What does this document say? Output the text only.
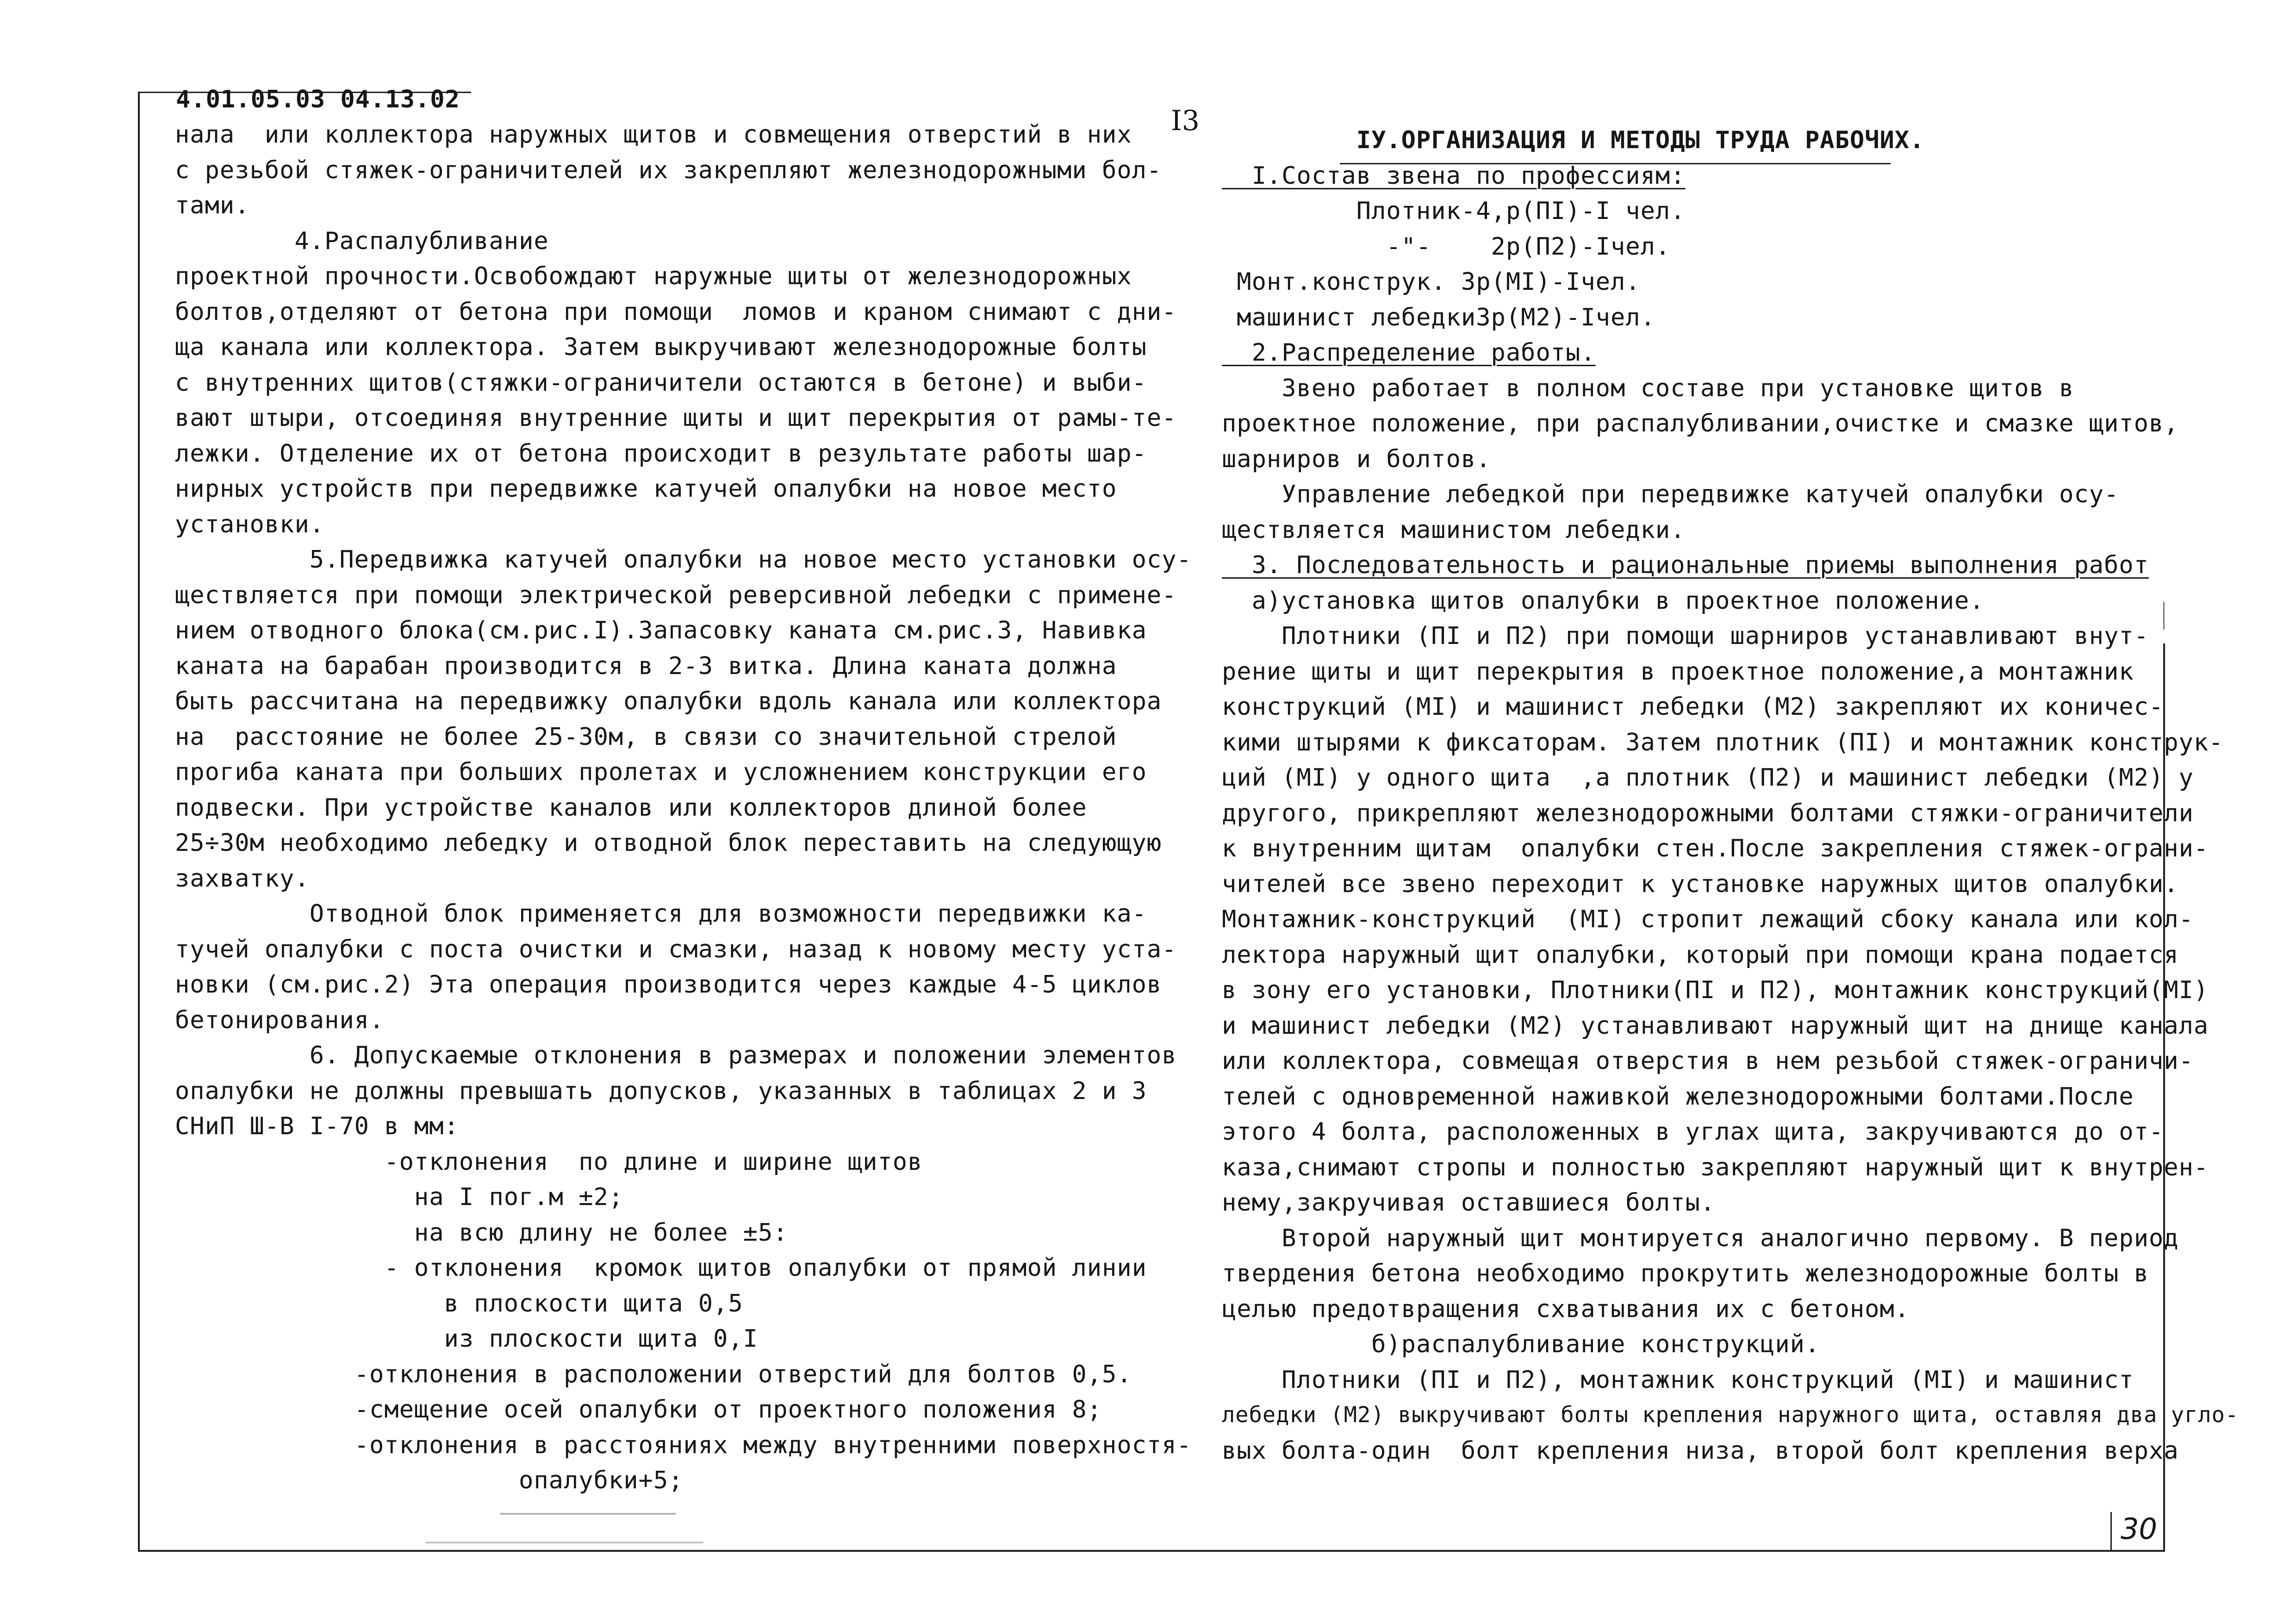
4.01.05.03 04.13.02
I3
30
нала  или коллектора наружных щитов и совмещения отверстий в них
с резьбой стяжек-ограничителей их закрепляют железнодорожными бол-
тами.
4.Распалубливание
проектной прочности.Освобождают наружные щиты от железнодорожных
болтов,отделяют от бетона при помощи  ломов и краном снимают с дни-
ща канала или коллектора. Затем выкручивают железнодорожные болты
с внутренних щитов(стяжки-ограничители остаются в бетоне) и выби-
вают штыри, отсоединяя внутренние щиты и щит перекрытия от рамы-те-
лежки. Отделение их от бетона происходит в результате работы шар-
нирных устройств при передвижке катучей опалубки на новое место
установки.
5.Передвижка катучей опалубки на новое место установки осу-
ществляется при помощи электрической реверсивной лебедки с примене-
нием отводного блока(см.рис.I).Запасовку каната см.рис.3, Навивка
каната на барабан производится в 2-3 витка. Длина каната должна
быть рассчитана на передвижку опалубки вдоль канала или коллектора
на  расстояние не более 25-30м, в связи со значительной стрелой
прогиба каната при больших пролетах и усложнением конструкции его
подвески. При устройстве каналов или коллекторов длиной более
25÷30м необходимо лебедку и отводной блок переставить на следующую
захватку.
Отводной блок применяется для возможности передвижки ка-
тучей опалубки с поста очистки и смазки, назад к новому месту уста-
новки (см.рис.2) Эта операция производится через каждые 4-5 циклов
бетонирования.
6. Допускаемые отклонения в размерах и положении элементов
опалубки не должны превышать допусков, указанных в таблицах 2 и 3
СНиП Ш-В I-70 в мм:
-отклонения  по длине и ширине щитов
на I пог.м ±2;
на всю длину не более ±5:
- отклонения  кромок щитов опалубки от прямой линии
в плоскости щита 0,5
из плоскости щита 0,I
-отклонения в расположении отверстий для болтов 0,5.
-смещение осей опалубки от проектного положения 8;
-отклонения в расстояниях между внутренними поверхностя-
опалубки+5;
IУ.ОРГАНИЗАЦИЯ И МЕТОДЫ ТРУДА РАБОЧИХ.
I.Состав звена по профессиям:
Плотник-4,р(ПI)-I чел.
-"-    2р(П2)-Iчел.
Монт.конструк. 3р(МI)-Iчел.
машинист лебедки3р(М2)-Iчел.
2.Распределение работы.
Звено работает в полном составе при установке щитов в
проектное положение, при распалубливании,очистке и смазке щитов,
шарниров и болтов.
Управление лебедкой при передвижке катучей опалубки осу-
ществляется машинистом лебедки.
3. Последовательность и рациональные приемы выполнения работ
а)установка щитов опалубки в проектное положение.
Плотники (ПI и П2) при помощи шарниров устанавливают внут-
рение щиты и щит перекрытия в проектное положение,а монтажник
конструкций (МI) и машинист лебедки (М2) закрепляют их коничес-
кими штырями к фиксаторам. Затем плотник (ПI) и монтажник конструк-
ций (МI) у одного щита  ,а плотник (П2) и машинист лебедки (М2) у
другого, прикрепляют железнодорожными болтами стяжки-ограничители
к внутренним щитам  опалубки стен.После закрепления стяжек-ограни-
чителей все звено переходит к установке наружных щитов опалубки.
Монтажник-конструкций  (МI) стропит лежащий сбоку канала или кол-
лектора наружный щит опалубки, который при помощи крана подается
в зону его установки, Плотники(ПI и П2), монтажник конструкций(МI)
и машинист лебедки (М2) устанавливают наружный щит на днище канала
или коллектора, совмещая отверстия в нем резьбой стяжек-ограничи-
телей с одновременной наживкой железнодорожными болтами.После
этого 4 болта, расположенных в углах щита, закручиваются до от-
каза,снимают стропы и полностью закрепляют наружный щит к внутрен-
нему,закручивая оставшиеся болты.
Второй наружный щит монтируется аналогично первому. В период
твердения бетона необходимо прокрутить железнодорожные болты в
целью предотвращения схватывания их с бетоном.
б)распалубливание конструкций.
Плотники (ПI и П2), монтажник конструкций (МI) и машинист
лебедки (М2) выкручивают болты крепления наружного щита, оставляя два угло-
вых болта-один  болт крепления низа, второй болт крепления верха
